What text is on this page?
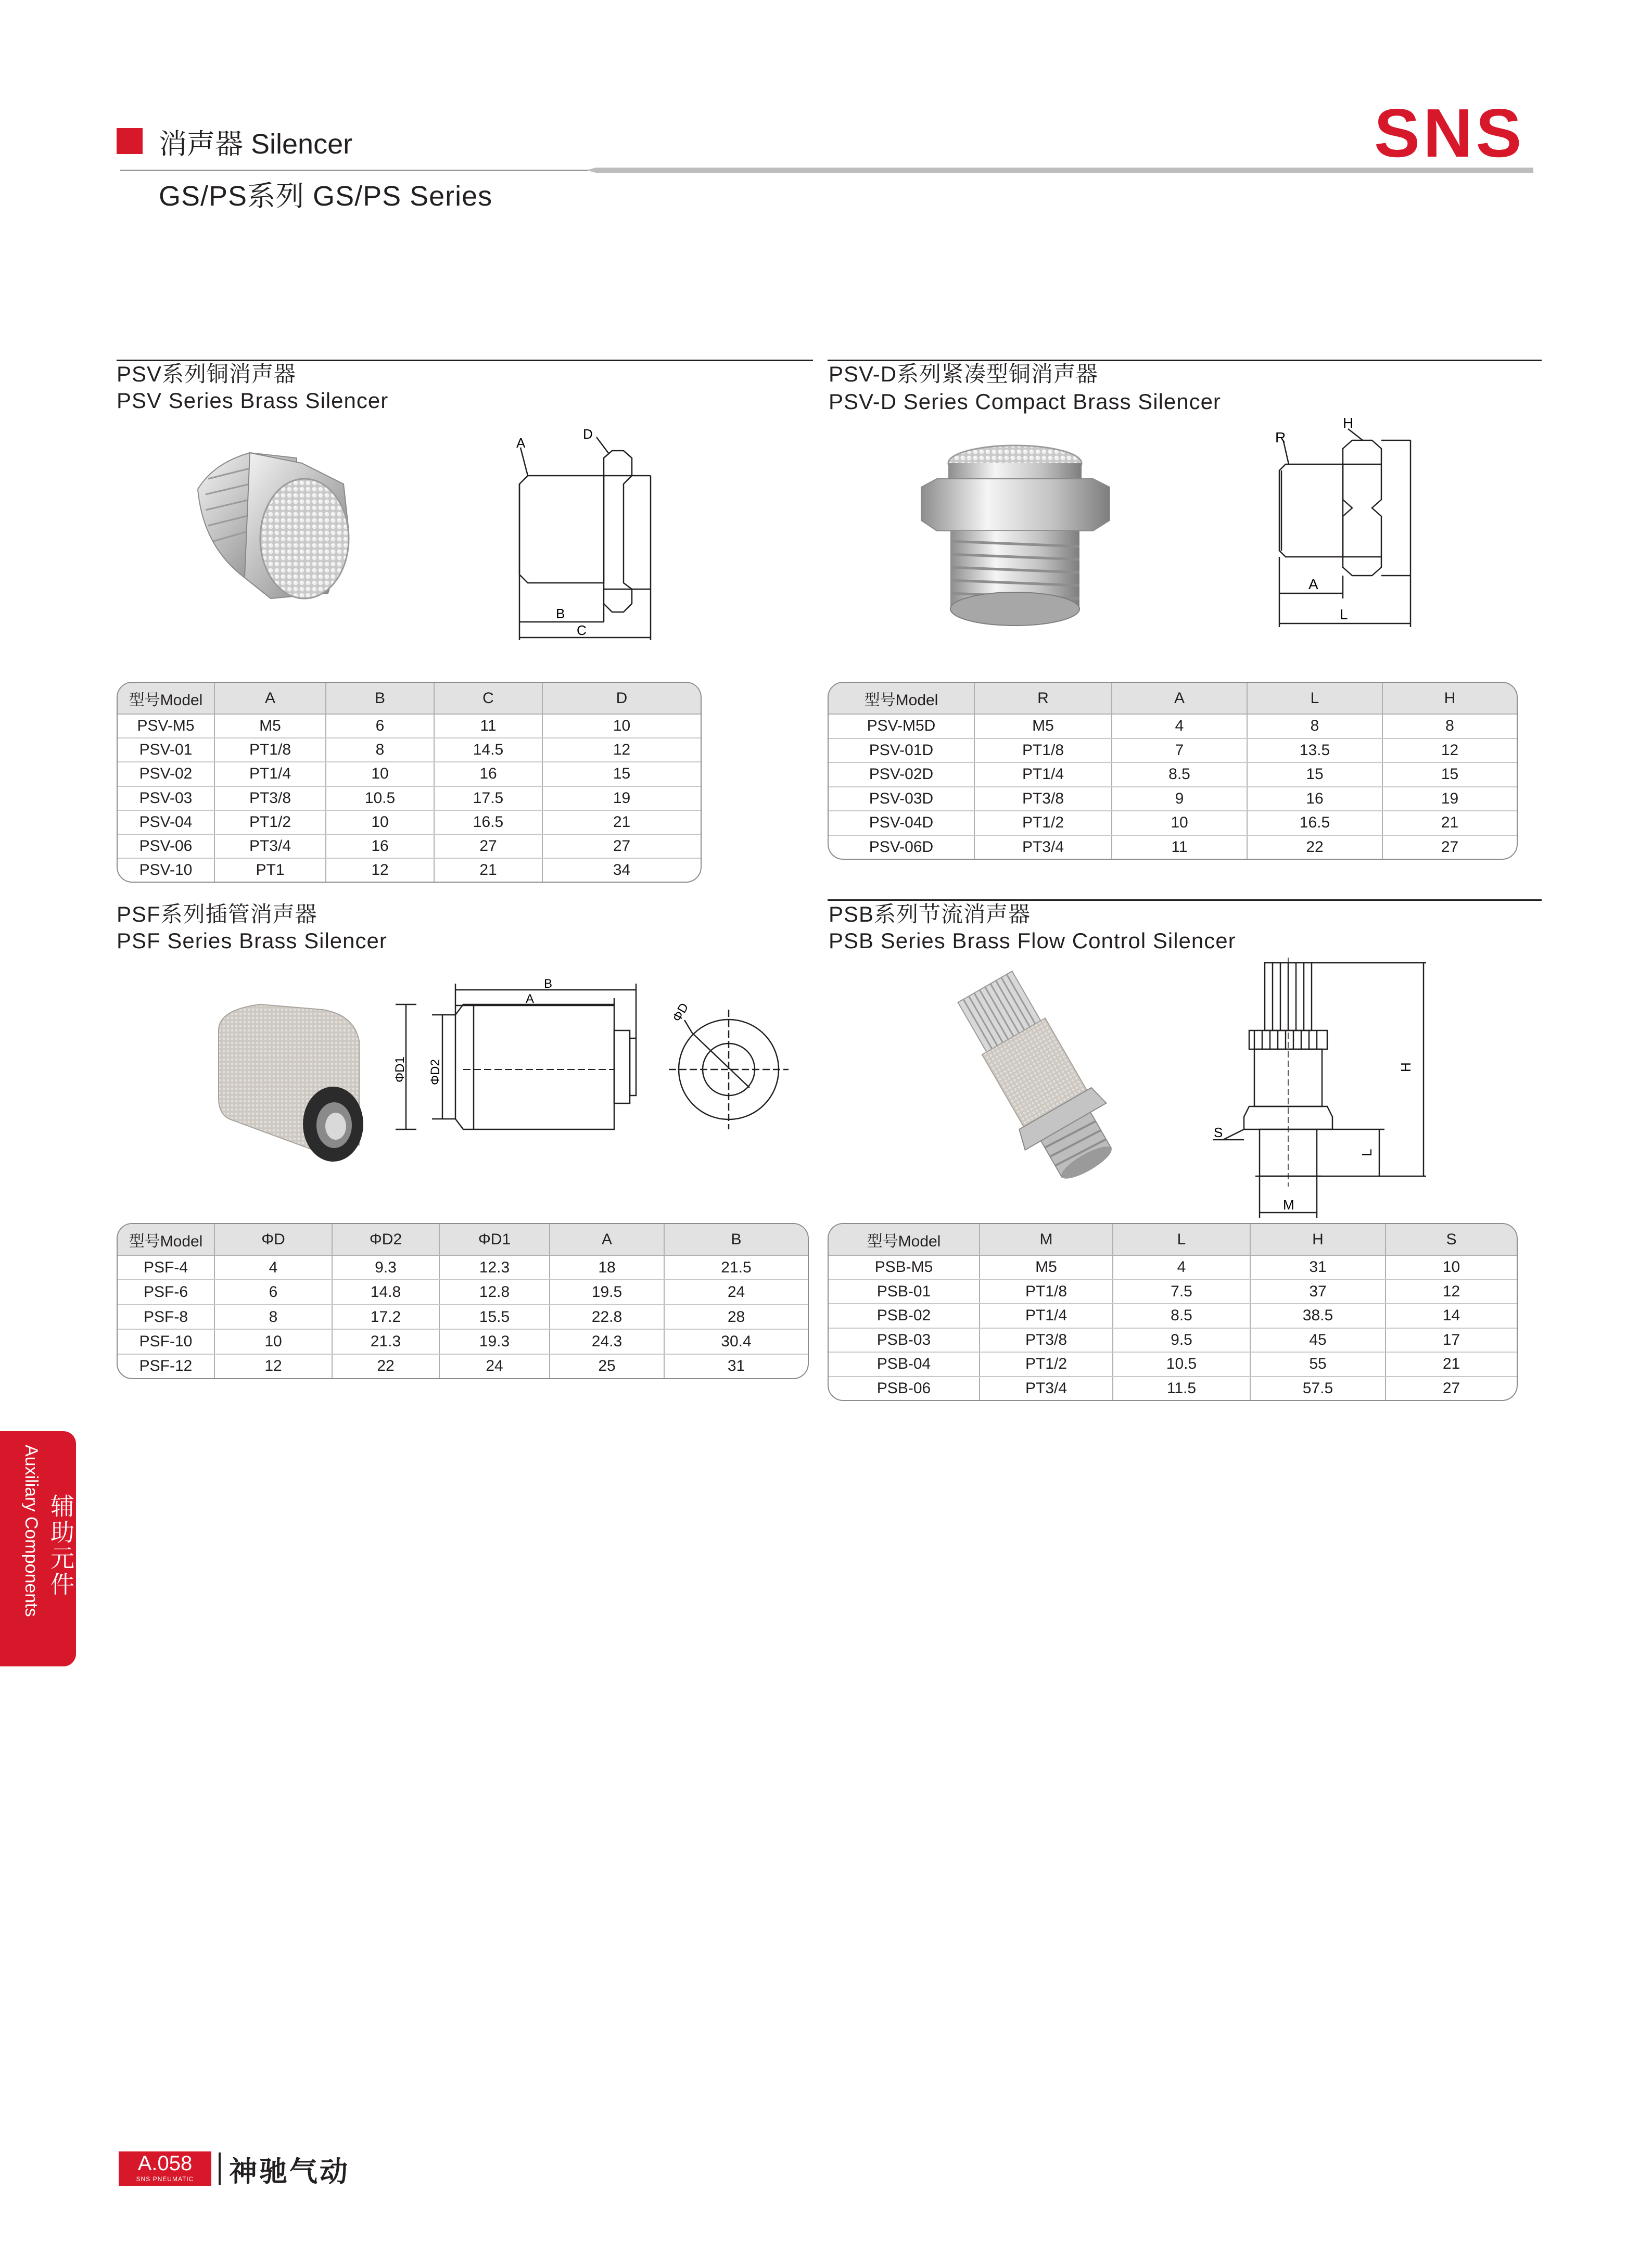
消声器 Silencer
GS/PS系列 GS/PS Series
SNS
PSV系列铜消声器
PSV Series Brass Silencer
A
D
B
C
型号Model	A	B	C	D
PSV-M5	M5	6	11	10
PSV-01	PT1/8	8	14.5	12
PSV-02	PT1/4	10	16	15
PSV-03	PT3/8	10.5	17.5	19
PSV-04	PT1/2	10	16.5	21
PSV-06	PT3/4	16	27	27
PSV-10	PT1	12	21	34
PSV-D系列紧凑型铜消声器
PSV-D Series Compact Brass Silencer
R
H
A
L
型号Model	R	A	L	H
PSV-M5D	M5	4	8	8
PSV-01D	PT1/8	7	13.5	12
PSV-02D	PT1/4	8.5	15	15
PSV-03D	PT3/8	9	16	19
PSV-04D	PT1/2	10	16.5	21
PSV-06D	PT3/4	11	22	27
PSF系列插管消声器
PSF Series Brass Silencer
B
A
ΦD1 ΦD2
ΦD
型号Model	ΦD	ΦD2	ΦD1	A	B
PSF-4	4	9.3	12.3	18	21.5
PSF-6	6	14.8	12.8	19.5	24
PSF-8	8	17.2	15.5	22.8	28
PSF-10	10	21.3	19.3	24.3	30.4
PSF-12	12	22	24	25	31
PSB系列节流消声器
PSB Series Brass Flow Control Silencer
H
S
L
M
型号Model	M	L	H	S
PSB-M5	M5	4	31	10
PSB-01	PT1/8	7.5	37	12
PSB-02	PT1/4	8.5	38.5	14
PSB-03	PT3/8	9.5	45	17
PSB-04	PT1/2	10.5	55	21
PSB-06	PT3/4	11.5	57.5	27
Auxiliary Components 辅助元件
A.058
SNS PNEUMATIC	神驰气动
